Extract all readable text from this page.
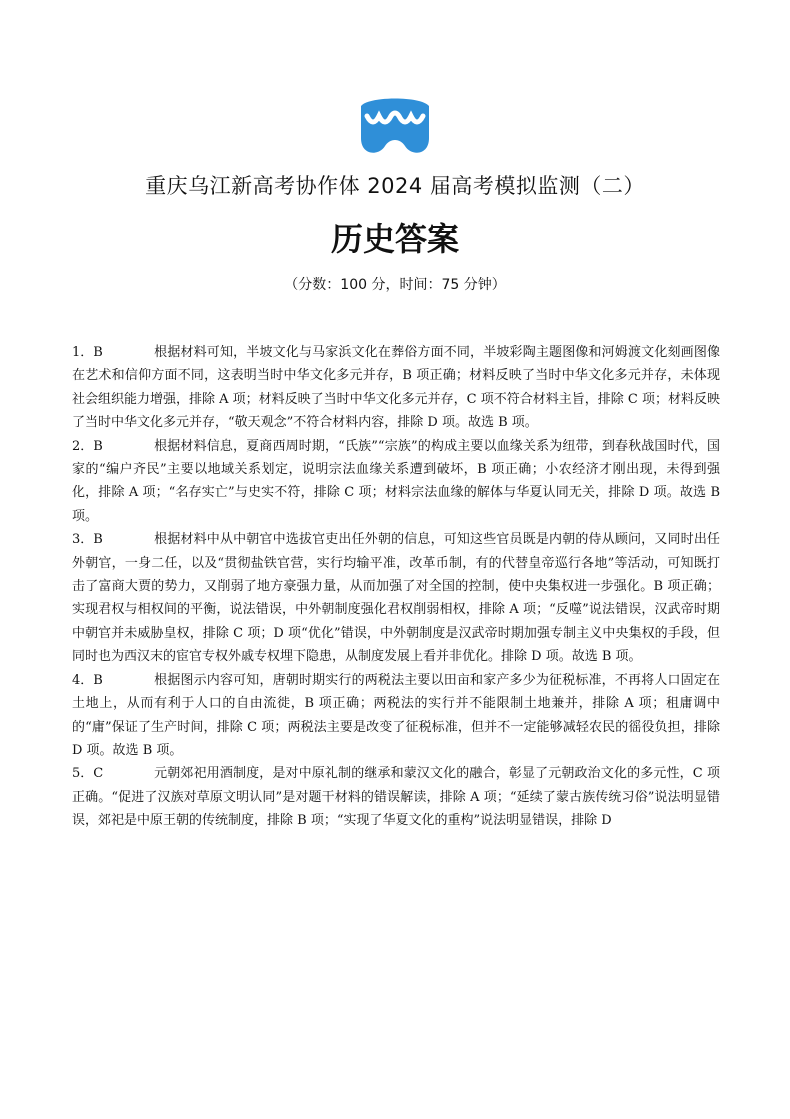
重庆乌江新高考协作体 2024 届高考模拟监测（二）
历史答案
（分数：100 分，时间：75 分钟）

1．B	根据材料可知，半坡文化与马家浜文化在葬俗方面不同，半坡彩陶主题图像和河姆渡文化刻画图像在艺术和信仰方面不同，这表明当时中华文化多元并存，B 项正确；材料反映了当时中华文化多元并存，未体现社会组织能力增强，排除 A 项；材料反映了当时中华文化多元并存，C 项不符合材料主旨，排除 C 项；材料反映了当时中华文化多元并存，“敬天观念”不符合材料内容，排除 D 项。故选 B 项。

2．B	根据材料信息，夏商西周时期，“氏族”“宗族”的构成主要以血缘关系为纽带，到春秋战国时代，国家的“编户齐民”主要以地域关系划定，说明宗法血缘关系遭到破坏，B 项正确；小农经济才刚出现，未得到强化，排除 A 项；“名存实亡”与史实不符，排除 C 项；材料宗法血缘的解体与华夏认同无关，排除 D 项。故选 B 项。

3．B	根据材料中从中朝官中选拔官吏出任外朝的信息，可知这些官员既是内朝的侍从顾问，又同时出任外朝官，一身二任，以及“贯彻盐铁官营，实行均输平准，改革币制，有的代替皇帝巡行各地”等活动，可知既打击了富商大贾的势力，又削弱了地方豪强力量，从而加强了对全国的控制，使中央集权进一步强化。B 项正确；实现君权与相权间的平衡，说法错误，中外朝制度强化君权削弱相权，排除 A 项；“反噬”说法错误，汉武帝时期中朝官并未威胁皇权，排除 C 项；D 项“优化”错误，中外朝制度是汉武帝时期加强专制主义中央集权的手段，但同时也为西汉末的宦官专权外戚专权埋下隐患，从制度发展上看并非优化。排除 D 项。故选 B 项。

4．B	根据图示内容可知，唐朝时期实行的两税法主要以田亩和家产多少为征税标准，不再将人口固定在土地上，从而有利于人口的自由流徙，B 项正确；两税法的实行并不能限制土地兼并，排除 A 项；租庸调中的“庸”保证了生产时间，排除 C 项；两税法主要是改变了征税标准，但并不一定能够减轻农民的徭役负担，排除 D 项。故选 B 项。

5．C	元朝郊祀用酒制度，是对中原礼制的继承和蒙汉文化的融合，彰显了元朝政治文化的多元性，C 项正确。“促进了汉族对草原文明认同”是对题干材料的错误解读，排除 A 项；“延续了蒙古族传统习俗”说法明显错误，郊祀是中原王朝的传统制度，排除 B 项；“实现了华夏文化的重构”说法明显错误，排除 D
